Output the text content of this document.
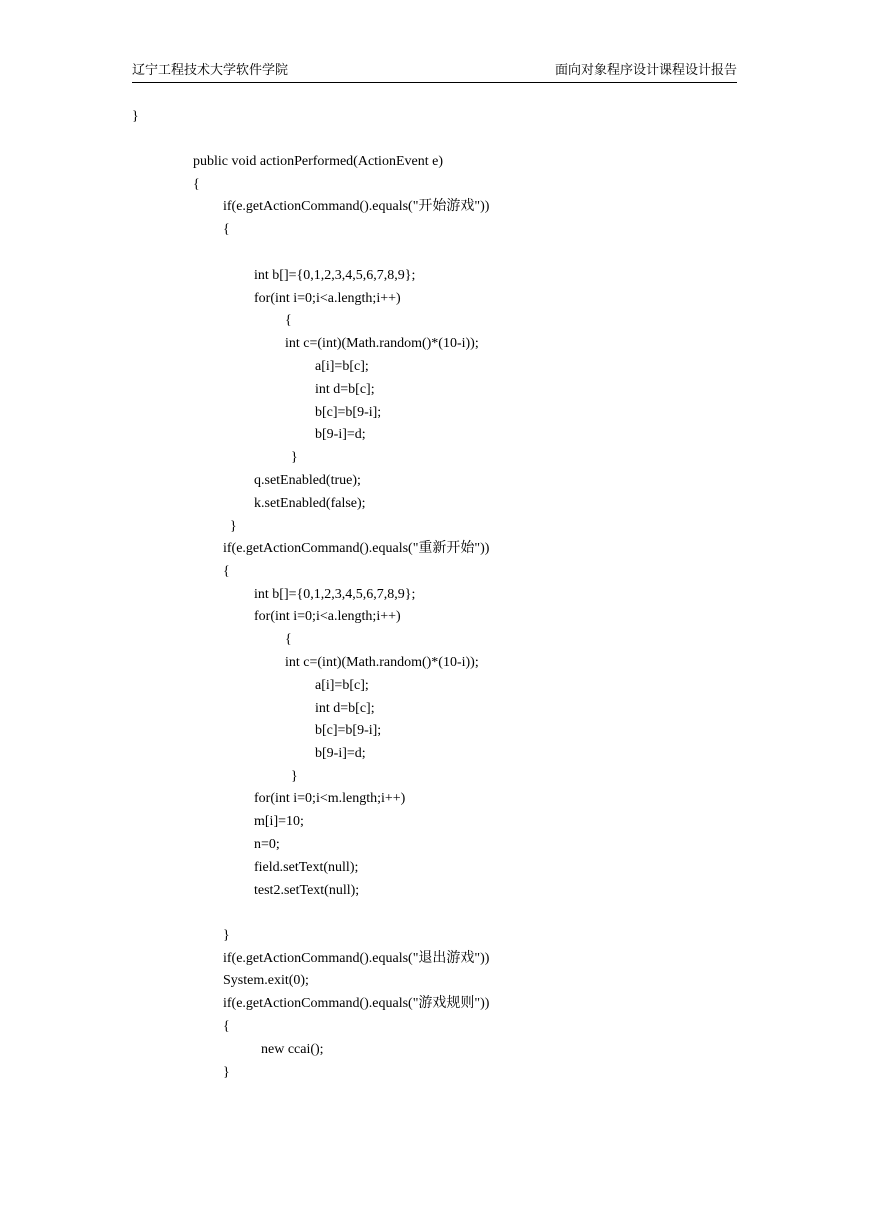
辽宁工程技术大学软件学院	面向对象程序设计课程设计报告
}
public void actionPerformed(ActionEvent e)
{
if(e.getActionCommand().equals("开始游戏"))
{
int b[]={0,1,2,3,4,5,6,7,8,9};
for(int i=0;i<a.length;i++)
{
int c=(int)(Math.random()*(10-i));
a[i]=b[c];
int d=b[c];
b[c]=b[9-i];
b[9-i]=d;
}
q.setEnabled(true);
k.setEnabled(false);
}
if(e.getActionCommand().equals("重新开始"))
{
int b[]={0,1,2,3,4,5,6,7,8,9};
for(int i=0;i<a.length;i++)
{
int c=(int)(Math.random()*(10-i));
a[i]=b[c];
int d=b[c];
b[c]=b[9-i];
b[9-i]=d;
}
for(int i=0;i<m.length;i++)
m[i]=10;
n=0;
field.setText(null);
test2.setText(null);
}
if(e.getActionCommand().equals("退出游戏"))
System.exit(0);
if(e.getActionCommand().equals("游戏规则"))
{
new ccai();
}
